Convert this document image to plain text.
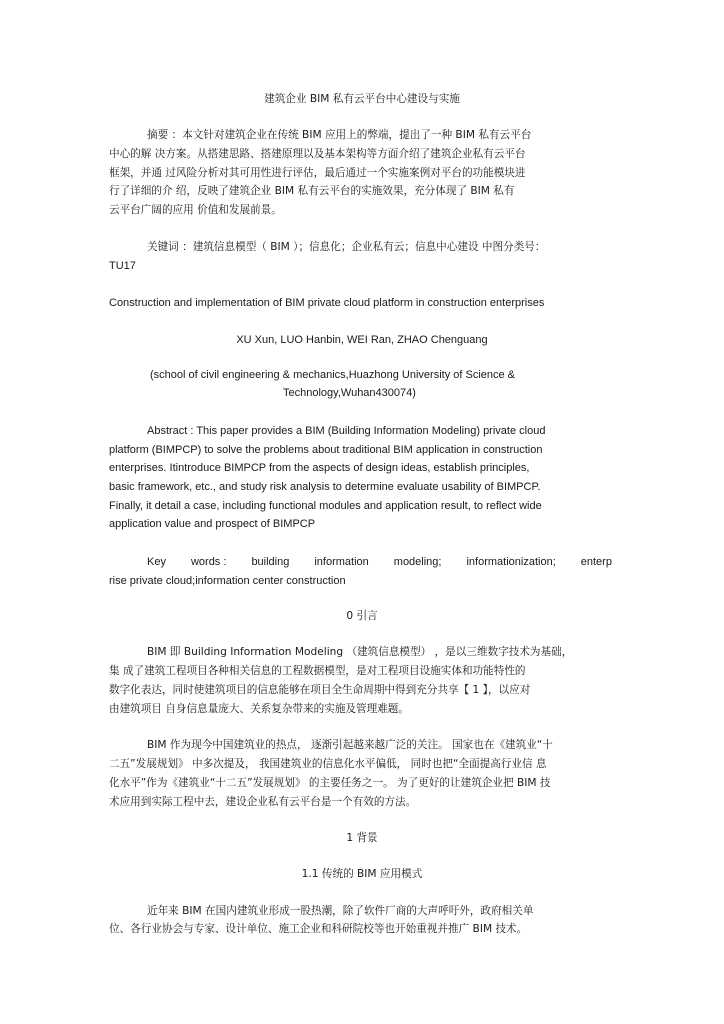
建筑企业 BIM 私有云平台中心建设与实施
摘要 ：本文针对建筑企业在传统 BIM 应用上的弊端，提出了一种 BIM 私有云平台
中心的解 决方案。从搭建思路、搭建原理以及基本架构等方面介绍了建筑企业私有云平台
框架，并通 过风险分析对其可用性进行评估，最后通过一个实施案例对平台的功能模块进
行了详细的介 绍，反映了建筑企业 BIM 私有云平台的实施效果，充分体现了 BIM 私有
云平台广阔的应用 价值和发展前景。
关键词 ：建筑信息模型（ BIM ）；信息化；企业私有云；信息中心建设 中图分类号：
TU17
Construction and implementation of BIM private cloud platform in construction enterprises
XU Xun, LUO Hanbin, WEI Ran, ZHAO Chenguang
(school of civil engineering & mechanics,Huazhong University of Science &
Technology,Wuhan430074)
Abstract : This paper provides a BIM (Building Information Modeling) private cloud
platform (BIMPCP) to solve the problems about traditional BIM application in construction
enterprises. Itintroduce BIMPCP from the aspects of design ideas, establish principles,
basic framework, etc., and study risk analysis to determine evaluate usability of BIMPCP.
Finally, it detail a case, including functional modules and application result, to reflect wide
application value and prospect of BIMPCP
Key words : building information modeling; informationization; enterp
rise private cloud;information center construction
0 引言
BIM 即 Building Information Modeling （建筑信息模型） ，是以三维数字技术为基础，
集 成了建筑工程项目各种相关信息的工程数据模型，是对工程项目设施实体和功能特性的
数字化表达，同时使建筑项目的信息能够在项目全生命周期中得到充分共享【 1 】，以应对
由建筑项目 自身信息量庞大、关系复杂带来的实施及管理难题。
BIM 作为现今中国建筑业的热点， 逐渐引起越来越广泛的关注。 国家也在《建筑业“十
二五”发展规划》 中多次提及， 我国建筑业的信息化水平偏低， 同时也把“全面提高行业信 息
化水平”作为《建筑业“十二五”发展规划》 的主要任务之一。 为了更好的让建筑企业把 BIM 技
术应用到实际工程中去，建设企业私有云平台是一个有效的方法。
1 背景
1.1 传统的 BIM 应用模式
近年来 BIM 在国内建筑业形成一股热潮，除了软件厂商的大声呼吁外，政府相关单
位、各行业协会与专家、设计单位、施工企业和科研院校等也开始重视并推广 BIM 技术。
